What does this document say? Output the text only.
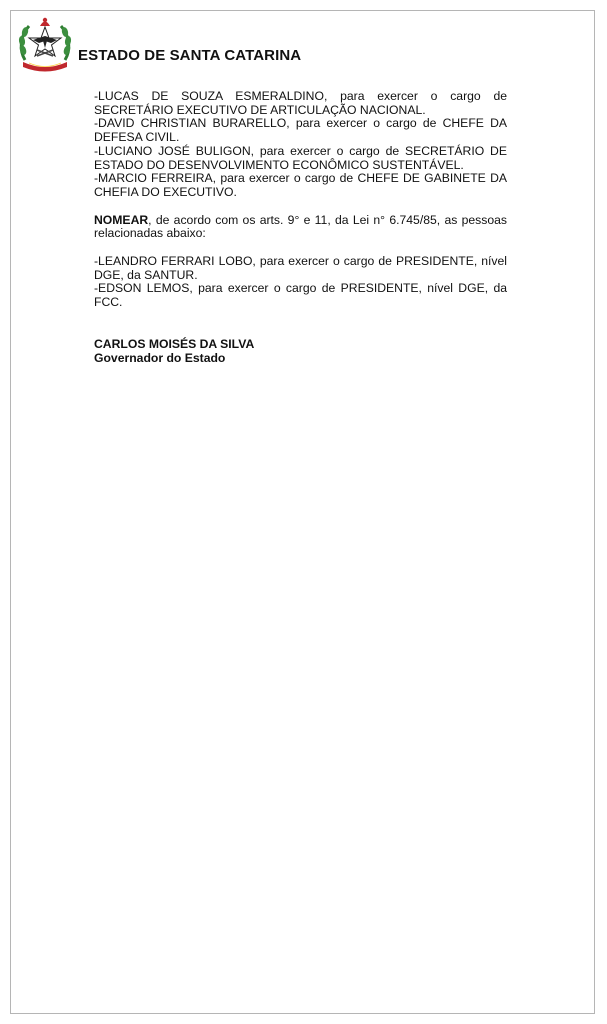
ESTADO DE SANTA CATARINA

-LUCAS DE SOUZA ESMERALDINO, para exercer o cargo de SECRETÁRIO EXECUTIVO DE ARTICULAÇÃO NACIONAL.

-DAVID CHRISTIAN BURARELLO, para exercer o cargo de CHEFE DA DEFESA CIVIL.

-LUCIANO JOSÉ BULIGON, para exercer o cargo de SECRETÁRIO DE ESTADO DO DESENVOLVIMENTO ECONÔMICO SUSTENTÁVEL.

-MARCIO FERREIRA, para exercer o cargo de CHEFE DE GABINETE DA CHEFIA DO EXECUTIVO.

NOMEAR, de acordo com os arts. 9° e 11, da Lei n° 6.745/85, as pessoas relacionadas abaixo:

-LEANDRO FERRARI LOBO, para exercer o cargo de PRESIDENTE, nível DGE, da SANTUR.

-EDSON LEMOS, para exercer o cargo de PRESIDENTE, nível DGE, da FCC.

CARLOS MOISÉS DA SILVA

Governador do Estado
